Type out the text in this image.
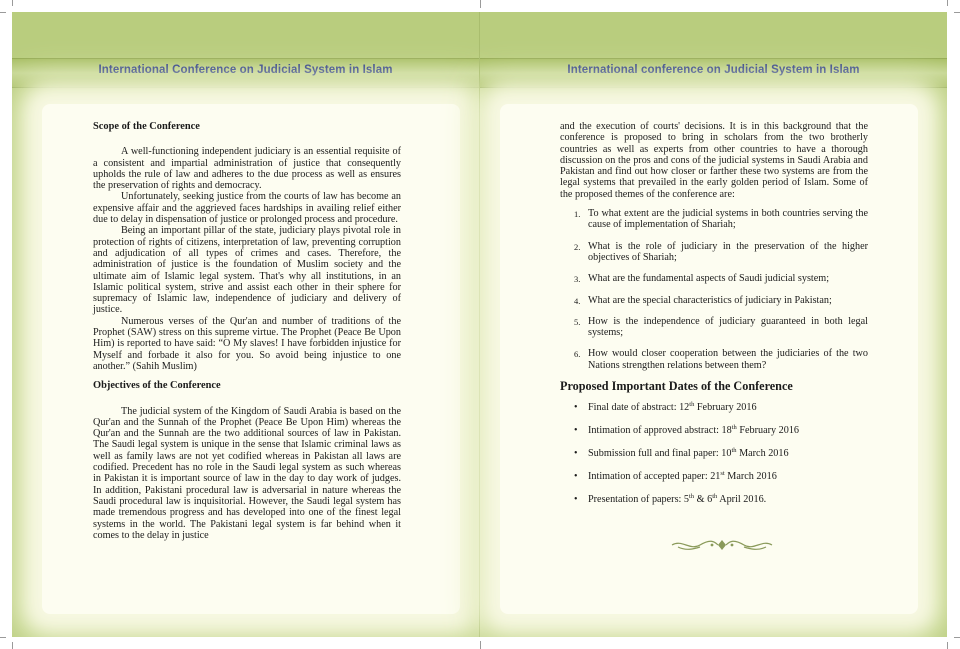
International Conference on Judicial System in Islam	International conference on Judicial System in Islam
Scope of the Conference

A well-functioning independent judiciary is an essential requisite of a consistent and impartial administration of justice that consequently upholds the rule of law and adheres to the due process as well as ensures the preservation of rights and democracy.

Unfortunately, seeking justice from the courts of law has become an expensive affair and the aggrieved faces hardships in availing relief either due to delay in dispensation of justice or prolonged process and procedure.

Being an important pillar of the state, judiciary plays pivotal role in protection of rights of citizens, interpretation of law, preventing corruption and adjudication of all types of crimes and cases. Therefore, the administration of justice is the foundation of Muslim society and the ultimate aim of Islamic legal system. That's why all institutions, in an Islamic political system, strive and assist each other in their sphere for supremacy of Islamic law, independence of judiciary and delivery of justice.

Numerous verses of the Qur'an and number of traditions of the Prophet (SAW) stress on this supreme virtue. The Prophet (Peace Be Upon Him) is reported to have said: “O My slaves! I have forbidden injustice for Myself and forbade it also for you. So avoid being injustice to one another.” (Sahih Muslim)

Objectives of the Conference

The judicial system of the Kingdom of Saudi Arabia is based on the Qur'an and the Sunnah of the Prophet (Peace Be Upon Him) whereas the Qur'an and the Sunnah are the two additional sources of law in Pakistan. The Saudi legal system is unique in the sense that Islamic criminal laws as well as family laws are not yet codified whereas in Pakistan all laws are codified. Precedent has no role in the Saudi legal system as such whereas in Pakistan it is important source of law in the day to day work of judges. In addition, Pakistani procedural law is adversarial in nature whereas the Saudi procedural law is inquisitorial. However, the Saudi legal system has made tremendous progress and has developed into one of the finest legal systems in the world. The Pakistani legal system is far behind when it comes to the delay in justice

and the execution of courts' decisions. It is in this background that the conference is proposed to bring in scholars from the two brotherly countries as well as experts from other countries to have a thorough discussion on the pros and cons of the judicial systems in Saudi Arabia and Pakistan and find out how closer or farther these two systems are from the legal systems that prevailed in the early golden period of Islam. Some of the proposed themes of the conference are:

1. To what extent are the judicial systems in both countries serving the cause of implementation of Shariah;
2. What is the role of judiciary in the preservation of the higher objectives of Shariah;
3. What are the fundamental aspects of Saudi judicial system;
4. What are the special characteristics of judiciary in Pakistan;
5. How is the independence of judiciary guaranteed in both legal systems;
6. How would closer cooperation between the judiciaries of the two Nations strengthen relations between them?
Proposed Important Dates of the Conference
• Final date of abstract: 12th February 2016
• Intimation of approved abstract: 18th February 2016
• Submission full and final paper: 10th March 2016
• Intimation of accepted paper: 21st March 2016
• Presentation of papers: 5th & 6th April 2016.
